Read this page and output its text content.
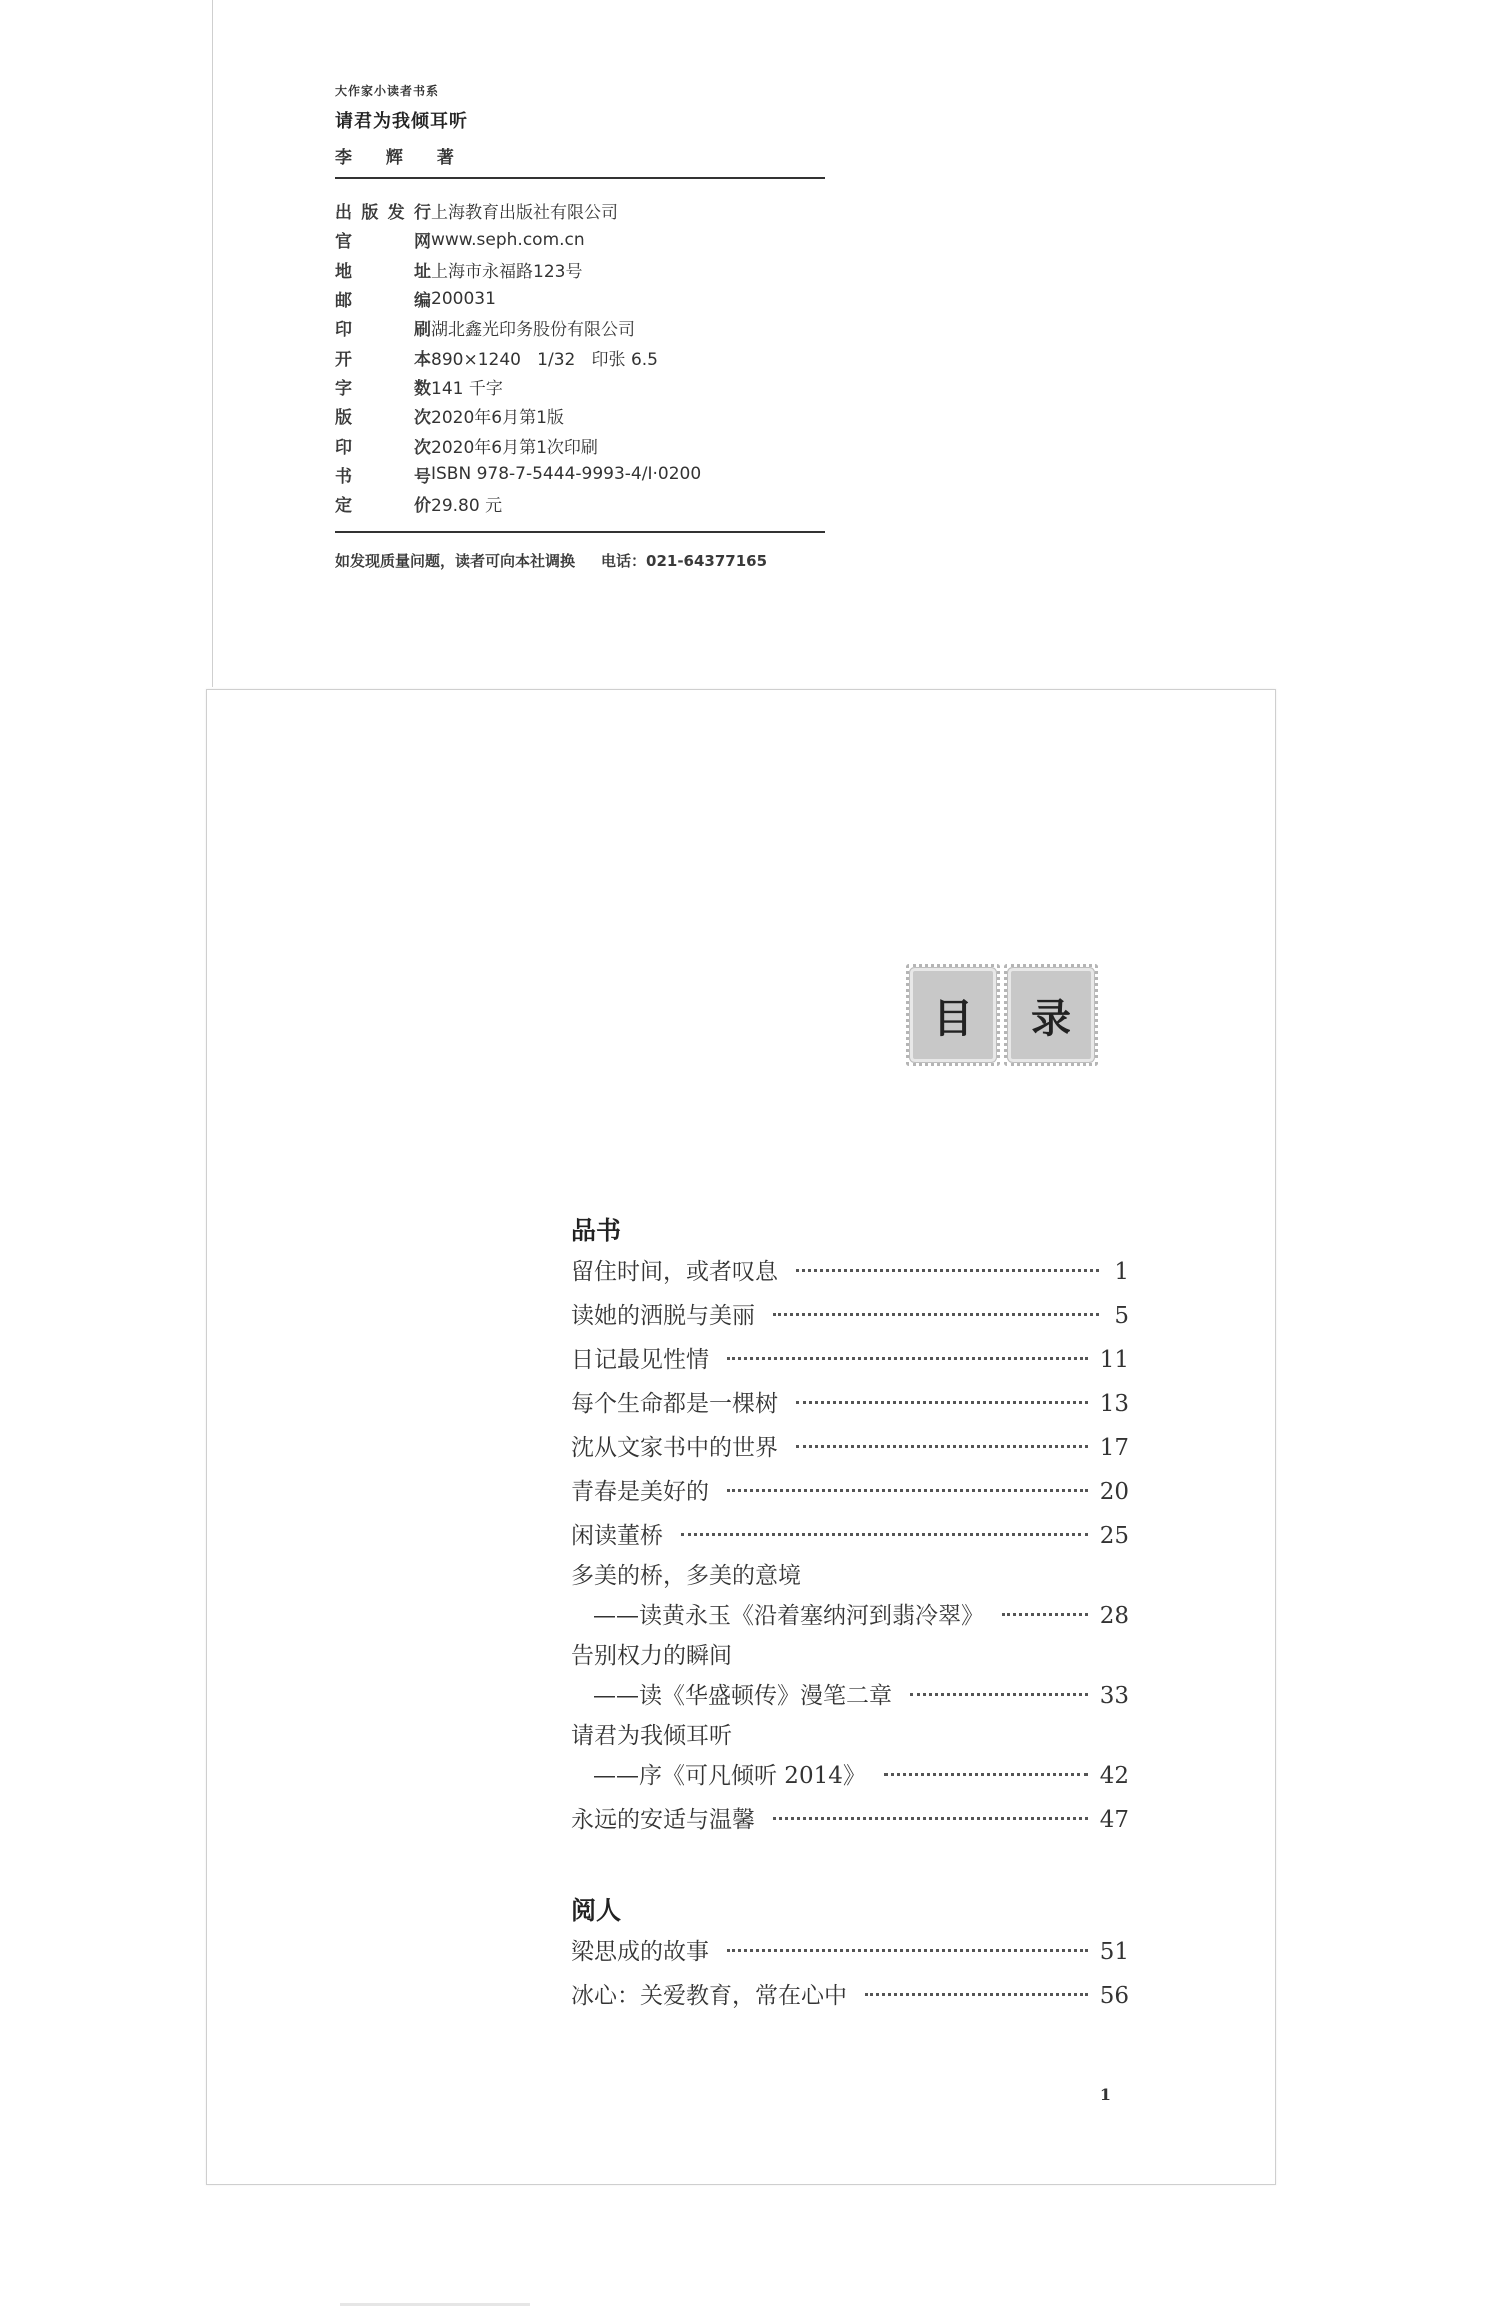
大作家小读者书系
请君为我倾耳听
李 辉 著
出 版 发 行 上海教育出版社有限公司
官	网 www.seph.com.cn
地	址 上海市永福路123号
邮	编 200031
印	刷 湖北鑫光印务股份有限公司
开	本 890×1240   1/32   印张 6.5
字	数 141 千字
版	次 2020年6月第1版
印	次 2020年6月第1次印刷
书	号 ISBN 978-7-5444-9993-4/I·0200
定	价 29.80 元
如发现质量问题，读者可向本社调换 电话：021-64377165
目 录
品书
留住时间，或者叹息	1
读她的洒脱与美丽	5
日记最见性情	11
每个生命都是一棵树	13
沈从文家书中的世界	17
青春是美好的	20
闲读董桥	25
多美的桥，多美的意境
——读黄永玉《沿着塞纳河到翡冷翠》	28
告别权力的瞬间
——读《华盛顿传》漫笔二章	33
请君为我倾耳听
——序《可凡倾听 2014》	42
永远的安适与温馨	47
阅人
梁思成的故事	51
冰心：关爱教育，常在心中	56
1
